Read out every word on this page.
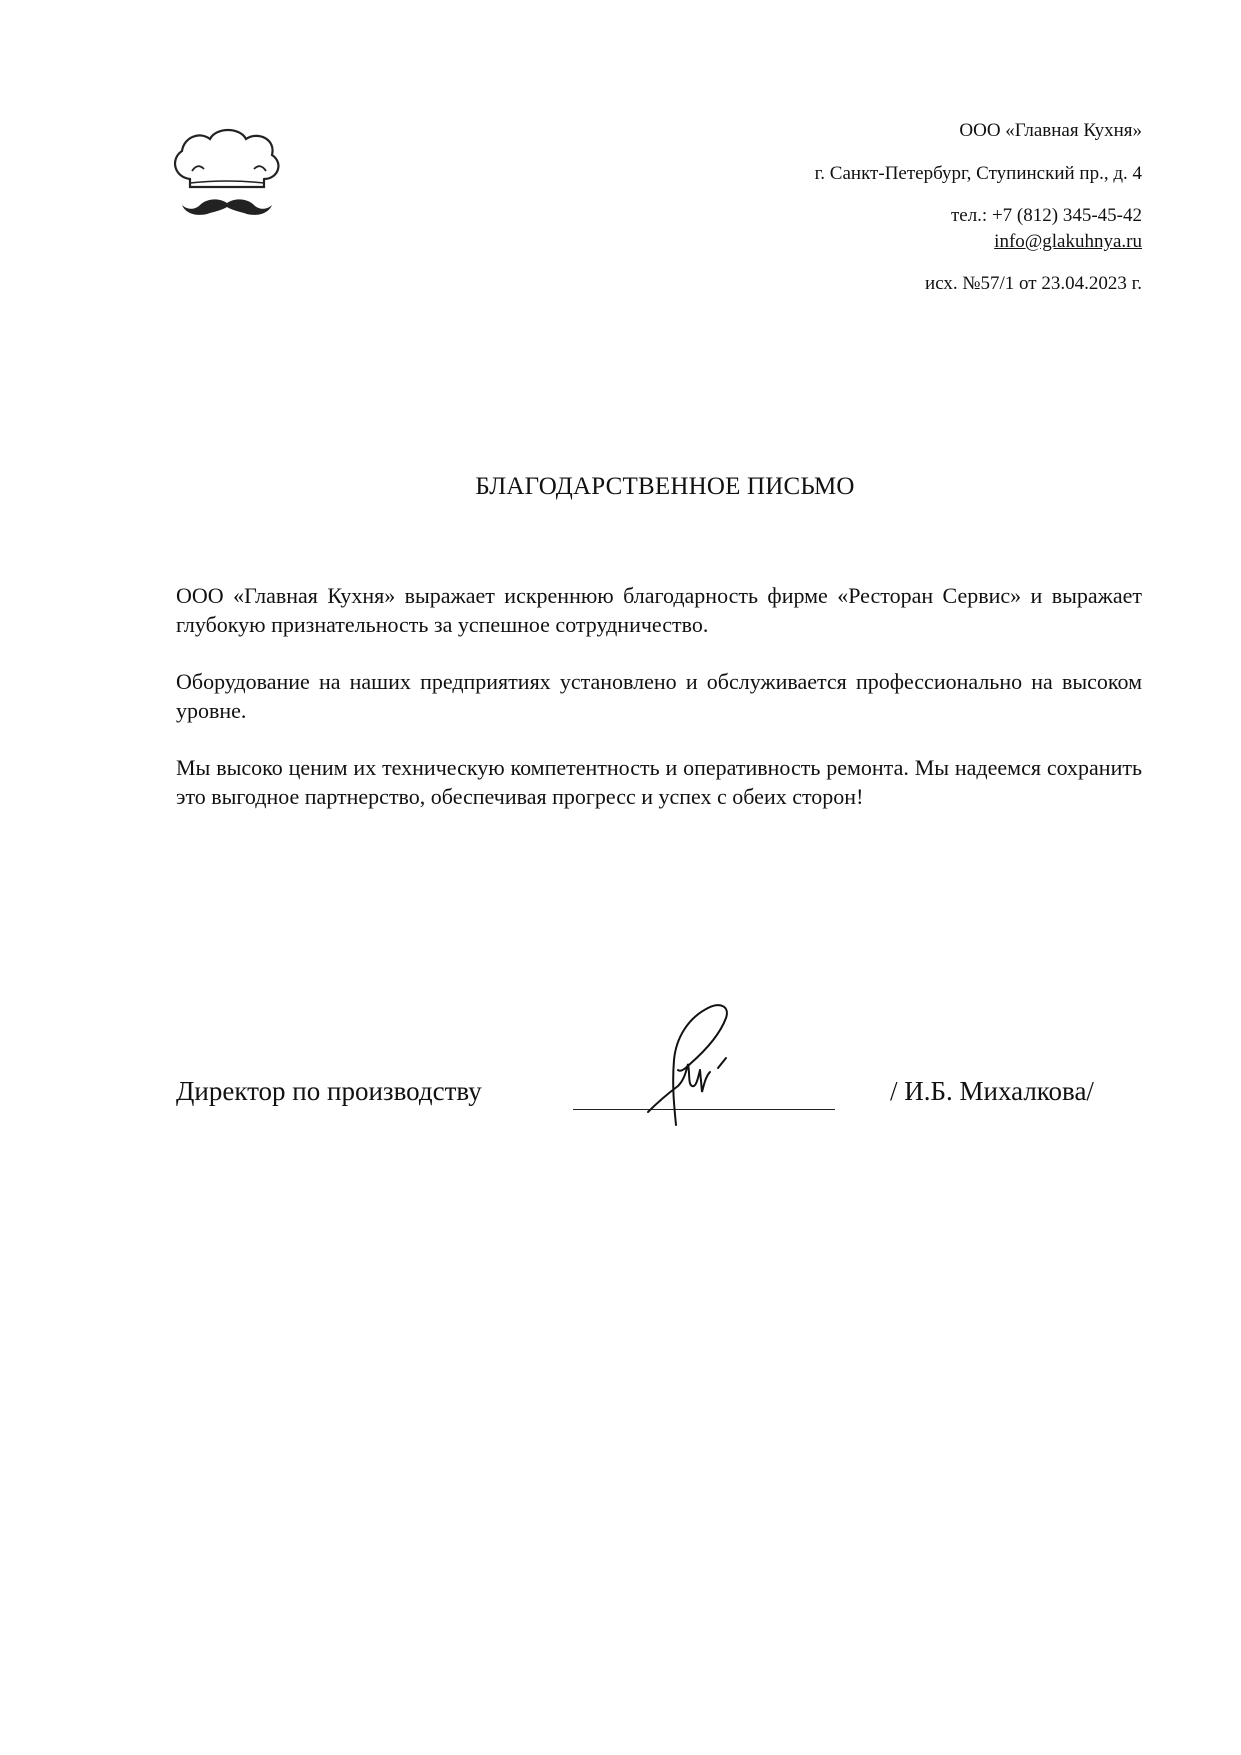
ООО «Главная Кухня»
г. Санкт-Петербург, Ступинский пр., д. 4
тел.: +7 (812) 345-45-42
info@glakuhnya.ru
исх. №57/1 от 23.04.2023 г.
БЛАГОДАРСТВЕННОЕ ПИСЬМО

ООО «Главная Кухня» выражает искреннюю благодарность фирме «Ресторан Сервис» и выражает глубокую признательность за успешное сотрудничество.

Оборудование на наших предприятиях установлено и обслуживается профессионально на высоком уровне.

Мы высоко ценим их техническую компетентность и оперативность ремонта. Мы надеемся сохранить это выгодное партнерство, обеспечивая прогресс и успех с обеих сторон!

Директор по производству	/ И.Б. Михалкова/
